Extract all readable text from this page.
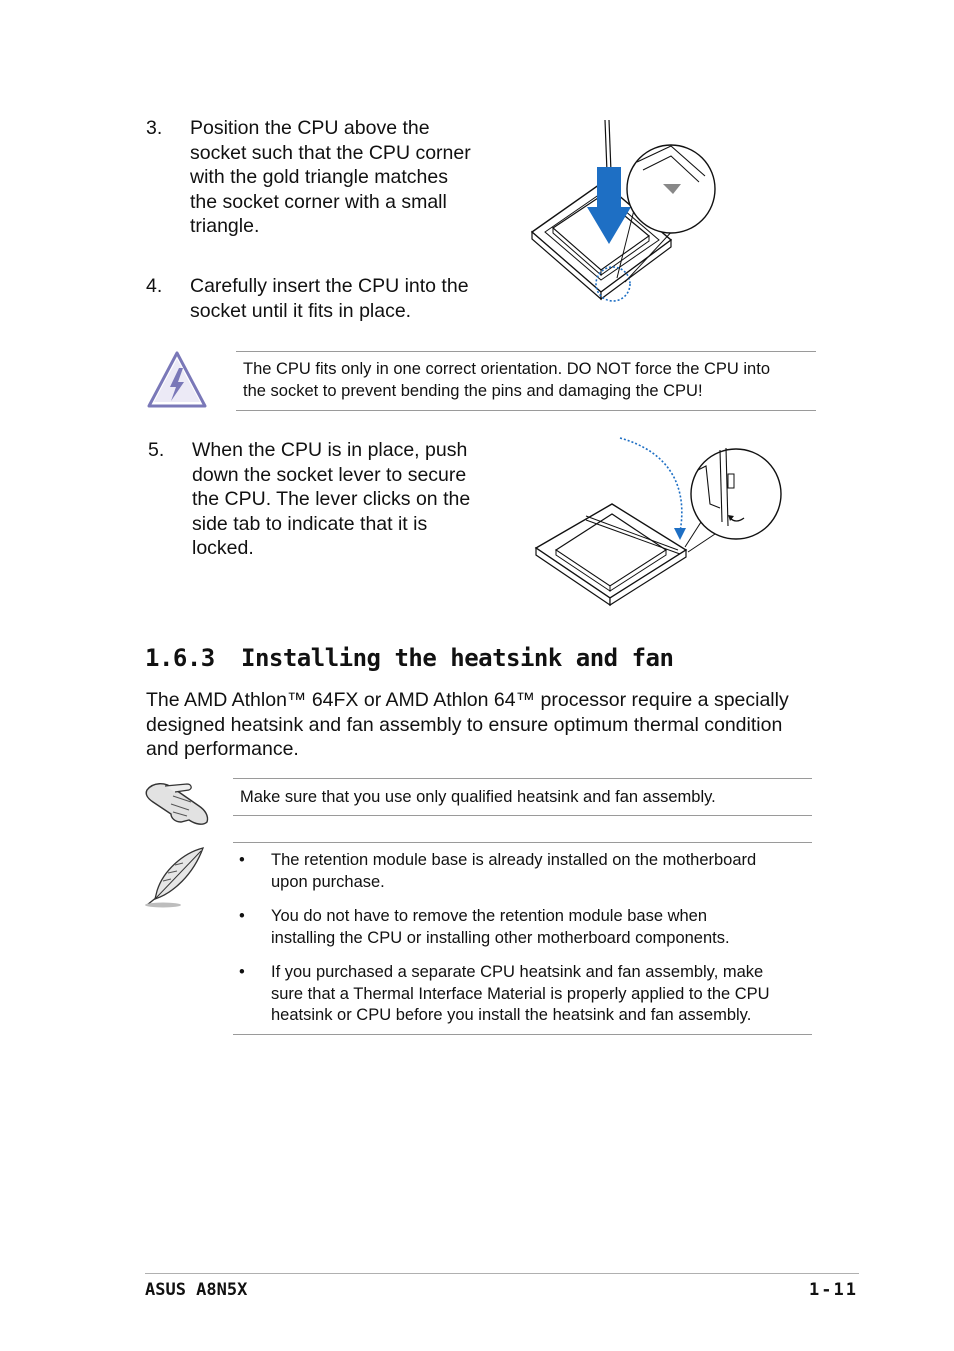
3. Position the CPU above the
socket such that the CPU corner
with the gold triangle matches
the socket corner with a small
triangle.
4. Carefully insert the CPU into the
socket until it fits in place.
The CPU fits only in one correct orientation. DO NOT force the CPU into
the socket to prevent bending the pins and damaging the CPU!
5. When the CPU is in place, push
down the socket lever to secure
the CPU. The lever clicks on the
side tab to indicate that it is
locked.
1.6.3 Installing the heatsink and fan
The AMD Athlon™ 64FX or AMD Athlon 64™ processor require a specially
designed heatsink and fan assembly to ensure optimum thermal condition
and performance.
Make sure that you use only qualified heatsink and fan assembly.
• The retention module base is already installed on the motherboard
upon purchase.
• You do not have to remove the retention module base when
installing the CPU or installing other motherboard components.
• If you purchased a separate CPU heatsink and fan assembly, make
sure that a Thermal Interface Material is properly applied to the CPU
heatsink or CPU before you install the heatsink and fan assembly.
ASUS A8N5X	1-11
